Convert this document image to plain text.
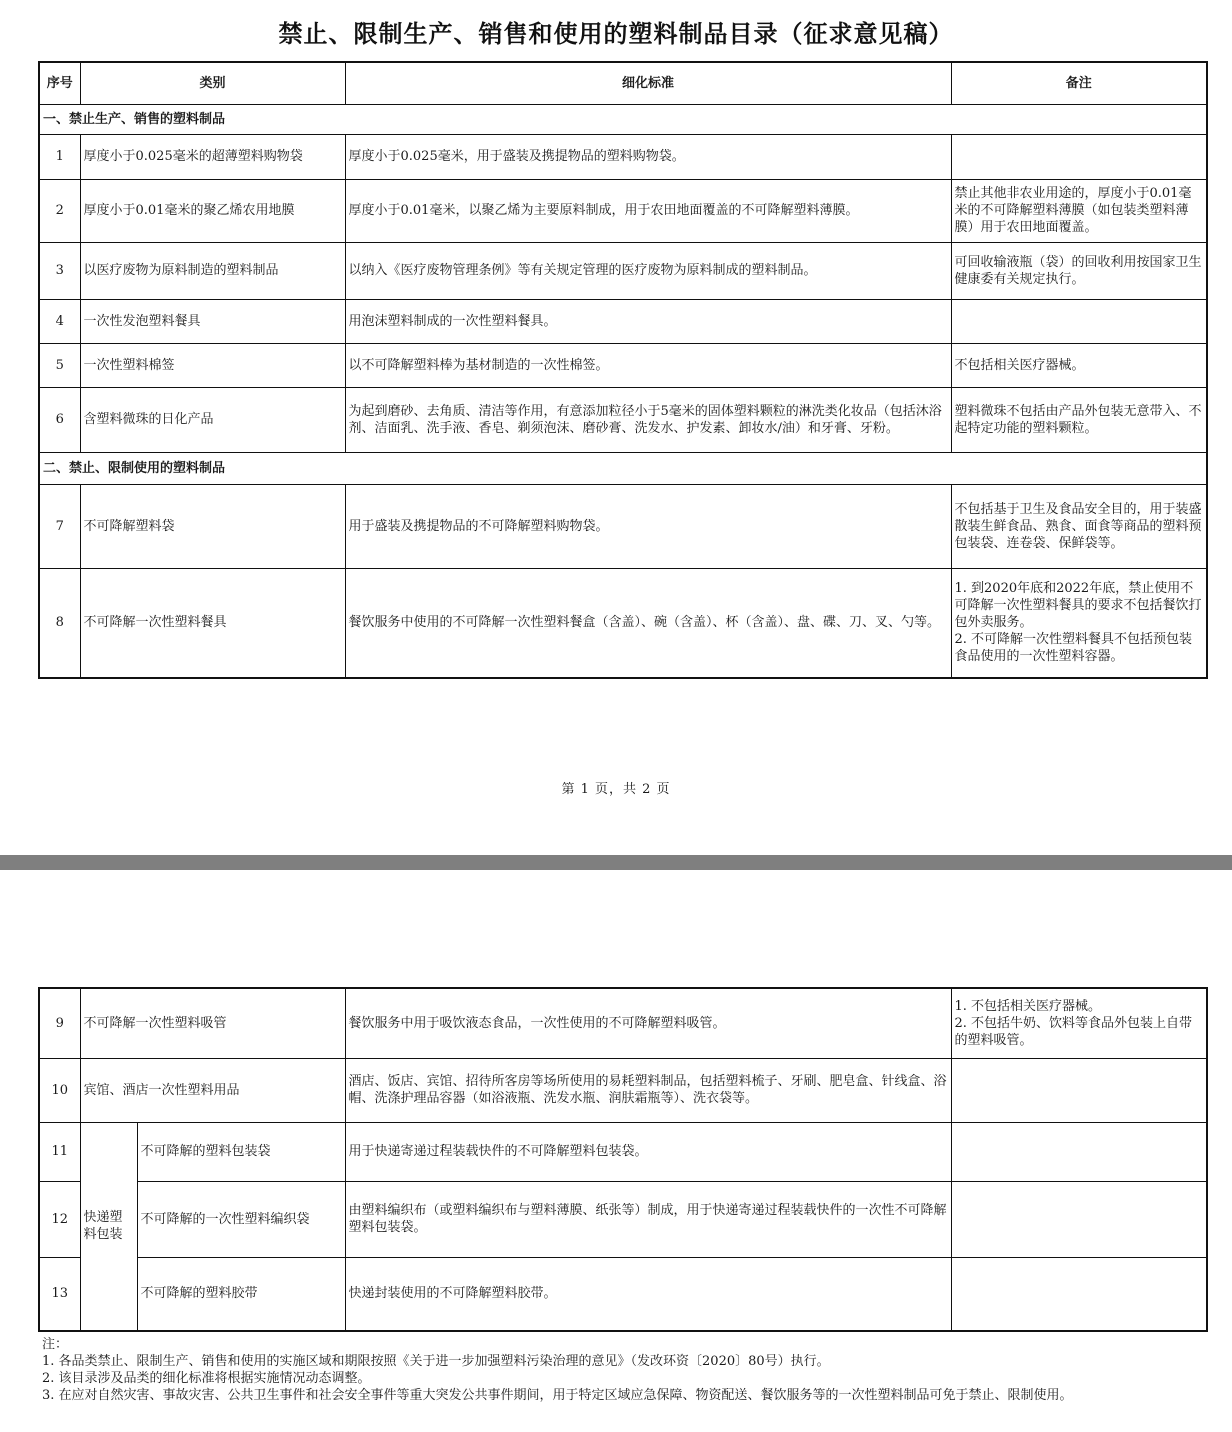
禁止、限制生产、销售和使用的塑料制品目录（征求意见稿）
序号	类别	细化标准	备注
一、禁止生产、销售的塑料制品			
1	厚度小于0.025毫米的超薄塑料购物袋	厚度小于0.025毫米，用于盛装及携提物品的塑料购物袋。	
2	厚度小于0.01毫米的聚乙烯农用地膜	厚度小于0.01毫米，以聚乙烯为主要原料制成，用于农田地面覆盖的不可降解塑料薄膜。	禁止其他非农业用途的，厚度小于0.01毫米的不可降解塑料薄膜（如包装类塑料薄膜）用于农田地面覆盖。
3	以医疗废物为原料制造的塑料制品	以纳入《医疗废物管理条例》等有关规定管理的医疗废物为原料制成的塑料制品。	可回收输液瓶（袋）的回收利用按国家卫生健康委有关规定执行。
4	一次性发泡塑料餐具	用泡沫塑料制成的一次性塑料餐具。	
5	一次性塑料棉签	以不可降解塑料棒为基材制造的一次性棉签。	不包括相关医疗器械。
6	含塑料微珠的日化产品	为起到磨砂、去角质、清洁等作用，有意添加粒径小于5毫米的固体塑料颗粒的淋洗类化妆品（包括沐浴剂、洁面乳、洗手液、香皂、剃须泡沫、磨砂膏、洗发水、护发素、卸妆水/油）和牙膏、牙粉。	塑料微珠不包括由产品外包装无意带入、不起特定功能的塑料颗粒。
二、禁止、限制使用的塑料制品			
7	不可降解塑料袋	用于盛装及携提物品的不可降解塑料购物袋。	不包括基于卫生及食品安全目的，用于装盛散装生鲜食品、熟食、面食等商品的塑料预包装袋、连卷袋、保鲜袋等。
8	不可降解一次性塑料餐具	餐饮服务中使用的不可降解一次性塑料餐盒（含盖）、碗（含盖）、杯（含盖）、盘、碟、刀、叉、勺等。	1. 到2020年底和2022年底，禁止使用不可降解一次性塑料餐具的要求不包括餐饮打包外卖服务。
2. 不可降解一次性塑料餐具不包括预包装食品使用的一次性塑料容器。
第 1 页，共 2 页
9	不可降解一次性塑料吸管		餐饮服务中用于吸饮液态食品，一次性使用的不可降解塑料吸管。	1. 不包括相关医疗器械。
2. 不包括牛奶、饮料等食品外包装上自带的塑料吸管。

10	宾馆、酒店一次性塑料用品		酒店、饭店、宾馆、招待所客房等场所使用的易耗塑料制品，包括塑料梳子、牙刷、肥皂盒、针线盒、浴帽、洗涤护理品容器（如浴液瓶、洗发水瓶、润肤霜瓶等）、洗衣袋等。	
11	快递塑料包装	不可降解的塑料包装袋	用于快递寄递过程装载快件的不可降解塑料包装袋。	
12		不可降解的一次性塑料编织袋	由塑料编织布（或塑料编织布与塑料薄膜、纸张等）制成，用于快递寄递过程装载快件的一次性不可降解塑料包装袋。	
13		不可降解的塑料胶带	快递封装使用的不可降解塑料胶带。	
注：
1. 各品类禁止、限制生产、销售和使用的实施区域和期限按照《关于进一步加强塑料污染治理的意见》（发改环资〔2020〕80号）执行。
2. 该目录涉及品类的细化标准将根据实施情况动态调整。
3. 在应对自然灾害、事故灾害、公共卫生事件和社会安全事件等重大突发公共事件期间，用于特定区域应急保障、物资配送、餐饮服务等的一次性塑料制品可免于禁止、限制使用。
